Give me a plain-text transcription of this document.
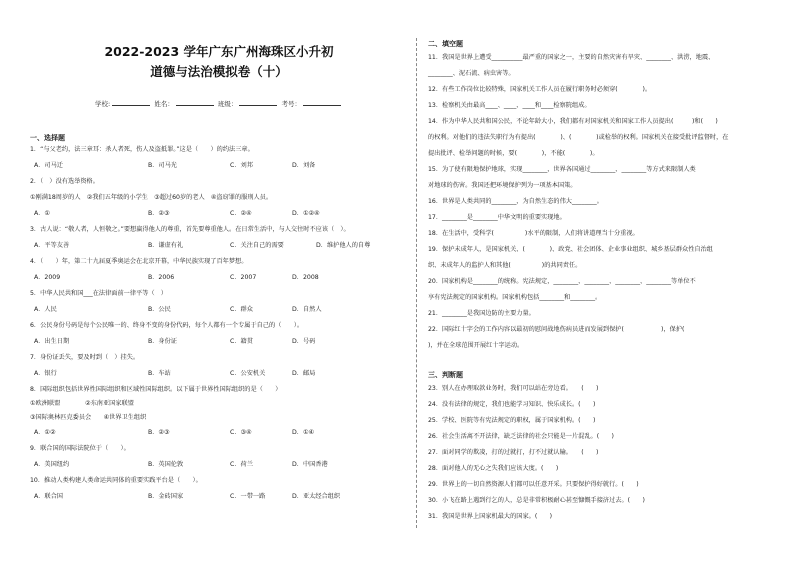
2022-2023 学年广东广州海珠区小升初
道德与法治模拟卷（十）
学校:	姓名：	班级：	考号：
一、选择题
1．“与父老约，法三章耳：杀人者死，伤人及盗抵罪。”这是（　　）的约法三章。
A．司马迁	B．司马光	C．刘邦	D．刘备
2．（　）没有选举资格。
①刚满18周岁的人　②我们五年级的小学生　③超过60岁的老人　④盗窃罪的服刑人员。
A．①	B．②③	C．②④	D．①②④
3．古人说：“敬人者，人恒敬之。”要想赢得他人的尊重，首先要尊重他人。在日常生活中，与人交往时不应该（　）。
A．平等友善	B．谦虚有礼	C．关注自己的需要	D．维护他人的自尊
4．（　　）年，第二十九届夏季奥运会在北京开幕，中华民族实现了百年梦想。
A．2009	B．2006	C．2007	D．2008
5．中华人民共和国___在法律面前一律平等（　）
A．人民	B．公民	C．群众	D．自然人
6．公民身份号码是每个公民唯一的、终身不变的身份代码，每个人都有一个专属于自己的（　　）。
A．出生日期	B．身份证	C．籍贯	D．号码
7．身份证丢失，要及时到（　）挂失。
A．银行	B．车站	C．公安机关	D．邮局
8．国际组织包括世界性国际组织和区域性国际组织。以下属于世界性国际组织的是（　　）
①欧洲联盟　　　　②东南亚国家联盟
③国际奥林匹克委员会　　④世界卫生组织
A．①②	B．②③	C．③④	D．①④
9．联合国的国际法院位于（　　）。
A．美国纽约	B．英国伦敦	C．荷兰	D．中国香港
10．推动人类构建人类命运共同体的重要实践平台是（　　）。
A．联合国	B．金砖国家	C．一带一路	D．亚太经合组织
二、填空题
11．我国是世界上遭受__________最严重的国家之一，主要的自然灾害有旱灾、________、洪涝，地震、
________、泥石流、病虫害等。
12．有些工作岗位比较特殊，国家机关工作人员在履行职务时必须穿(　　　　)。
13．检察机关由最高____、____、____和____检察院组成。
14．作为中华人民共和国公民，不论年龄大小，我们都有对国家机关和国家工作人员提出(　　　)和(　　)
的权利。对他们的违法失职行为有提出(　　　　)、(　　　　)或检举的权利。国家机关在接受批评监督时，在
提出批评、检举问题的时候，要(　　　　)，不能(　　　　)。
15．为了使有限地保护地球，实现________，世界各国通过________、________等方式来限制人类
对地球的伤害。我国还把环境保护列为一项基本国策。
16．世界是人类共同的________，为自然生态的伟大________。
17．________是________中华文明的重要实现地。
18．在生活中，受科学(　　　　　)水平的限制，人们将讲道理当十分重视。
19．保护未成年人，是国家机关、(　　　　)、政党、社会团体、企业事业组织、城乡基层群众性自治组
织、未成年人的监护人和其他(　　　　　)的共同责任。
20．国家机构是________的统称。宪法规定，________、________、________、________等单位不
享有宪法规定的国家机构。国家机构包括________和________。
21．________是我国边防的主要力量。
22．国际红十字会的工作内容以最初的慰问战地伤病员进而发展到保护(　　　　　　)，保护(
)，并在全球范围开展红十字运动。
三、判断题
23．别人在办理取款业务时，我们可以站在旁边看。　　(　　)
24．没有法律的规定，我们也能学习知识、快乐成长。(　　)
25．学校、医院等有宪法规定的职权，属于国家机构。(　　)
26．社会生活离不开法律，缺乏法律的社会只能是一片混乱。(　　)
27．面对同学的欺凌，打的过就打，打不过就认输。　　(　　)
28．面对他人的无心之失我们应该大度。(　　)
29．世界上的一切自然资源人们都可以任意开采。只要保护得好就行。(　　)
30．小飞在路上遇到行乞的人，总是非常积极耐心甚至慷慨手接济过去。(　　)
31．我国是世界上国家机最大的国家。(　　)
